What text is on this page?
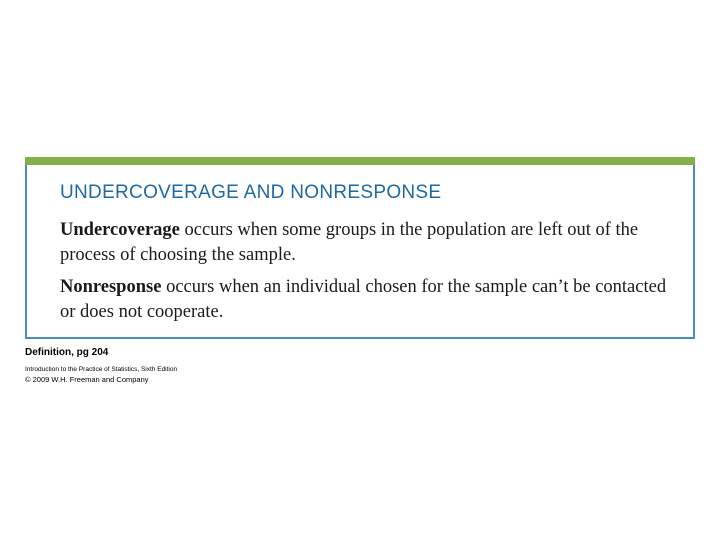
UNDERCOVERAGE AND NONRESPONSE
Undercoverage occurs when some groups in the population are left out of the process of choosing the sample.
Nonresponse occurs when an individual chosen for the sample can’t be contacted or does not cooperate.
Definition, pg 204
Introduction to the Practice of Statistics, Sixth Edition
© 2009 W.H. Freeman and Company
